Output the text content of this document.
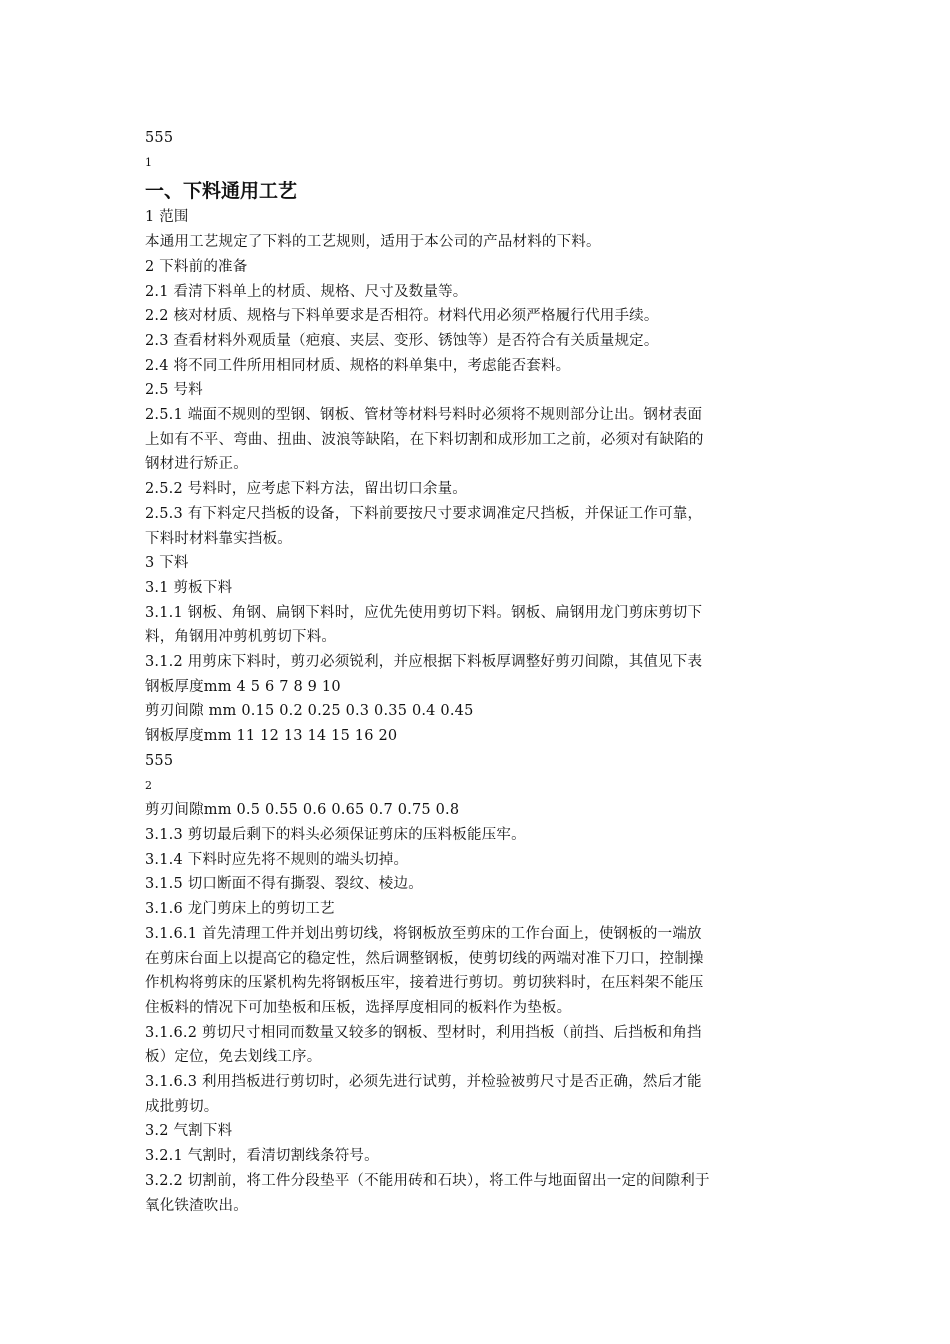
555
1
一、下料通用工艺
1 范围
本通用工艺规定了下料的工艺规则，适用于本公司的产品材料的下料。
2 下料前的准备
2.1 看清下料单上的材质、规格、尺寸及数量等。
2.2 核对材质、规格与下料单要求是否相符。材料代用必须严格履行代用手续。
2.3 查看材料外观质量（疤痕、夹层、变形、锈蚀等）是否符合有关质量规定。
2.4 将不同工件所用相同材质、规格的料单集中，考虑能否套料。
2.5 号料
2.5.1 端面不规则的型钢、钢板、管材等材料号料时必须将不规则部分让出。钢材表面
上如有不平、弯曲、扭曲、波浪等缺陷，在下料切割和成形加工之前，必须对有缺陷的
钢材进行矫正。
2.5.2 号料时，应考虑下料方法，留出切口余量。
2.5.3 有下料定尺挡板的设备，下料前要按尺寸要求调准定尺挡板，并保证工作可靠，
下料时材料靠实挡板。
3 下料
3.1 剪板下料
3.1.1 钢板、角钢、扁钢下料时，应优先使用剪切下料。钢板、扁钢用龙门剪床剪切下
料，角钢用冲剪机剪切下料。
3.1.2 用剪床下料时，剪刃必须锐利，并应根据下料板厚调整好剪刃间隙，其值见下表
钢板厚度mm 4 5 6 7 8 9 10
剪刃间隙 mm 0.15 0.2 0.25 0.3 0.35 0.4 0.45
钢板厚度mm 11 12 13 14 15 16 20
555
2
剪刃间隙mm 0.5 0.55 0.6 0.65 0.7 0.75 0.8
3.1.3 剪切最后剩下的料头必须保证剪床的压料板能压牢。
3.1.4 下料时应先将不规则的端头切掉。
3.1.5 切口断面不得有撕裂、裂纹、棱边。
3.1.6 龙门剪床上的剪切工艺
3.1.6.1 首先清理工件并划出剪切线，将钢板放至剪床的工作台面上，使钢板的一端放
在剪床台面上以提高它的稳定性，然后调整钢板，使剪切线的两端对准下刀口，控制操
作机构将剪床的压紧机构先将钢板压牢，接着进行剪切。剪切狭料时，在压料架不能压
住板料的情况下可加垫板和压板，选择厚度相同的板料作为垫板。
3.1.6.2 剪切尺寸相同而数量又较多的钢板、型材时，利用挡板（前挡、后挡板和角挡
板）定位，免去划线工序。
3.1.6.3 利用挡板进行剪切时，必须先进行试剪，并检验被剪尺寸是否正确，然后才能
成批剪切。
3.2 气割下料
3.2.1 气割时，看清切割线条符号。
3.2.2 切割前，将工件分段垫平（不能用砖和石块），将工件与地面留出一定的间隙利于
氧化铁渣吹出。
